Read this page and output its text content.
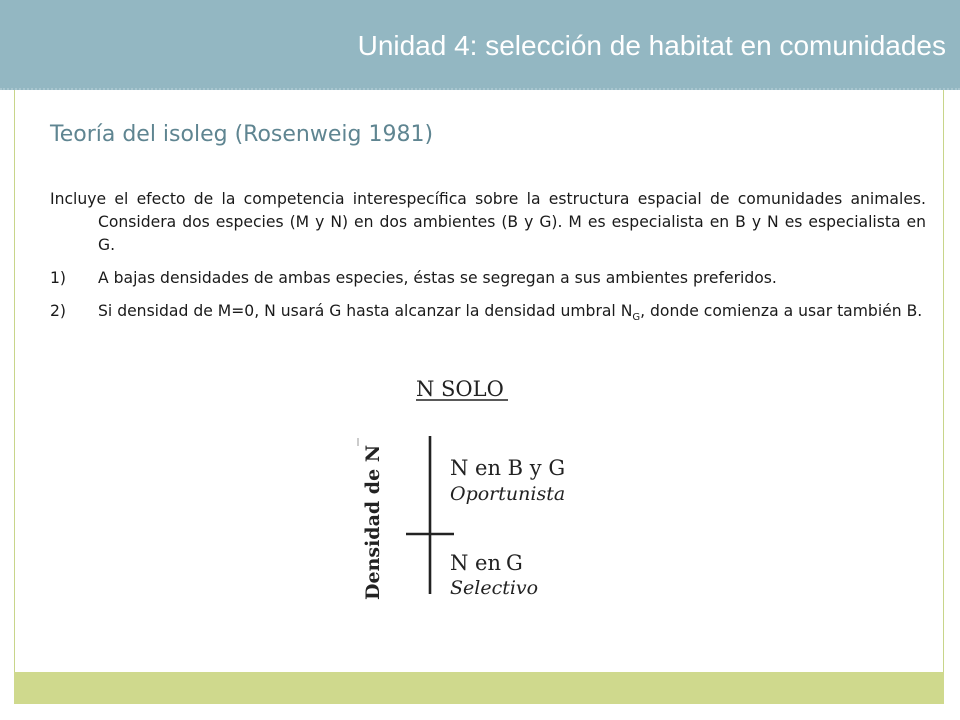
Unidad 4: selección de habitat en comunidades
Teoría del isoleg (Rosenweig 1981)

Incluye el efecto de la competencia interespecífica sobre la estructura espacial de comunidades animales. Considera dos especies (M y N) en dos ambientes (B y G). M es especialista en B y N es especialista en G.

1) A bajas densidades de ambas especies, éstas se segregan a sus ambientes preferidos.
2) Si densidad de M=0, N usará G hasta alcanzar la densidad umbral $N_G$, donde comienza a usar también B.
N SOLO
Densidad de N	N en B y G
Oportunista
N en G
Selectivo
